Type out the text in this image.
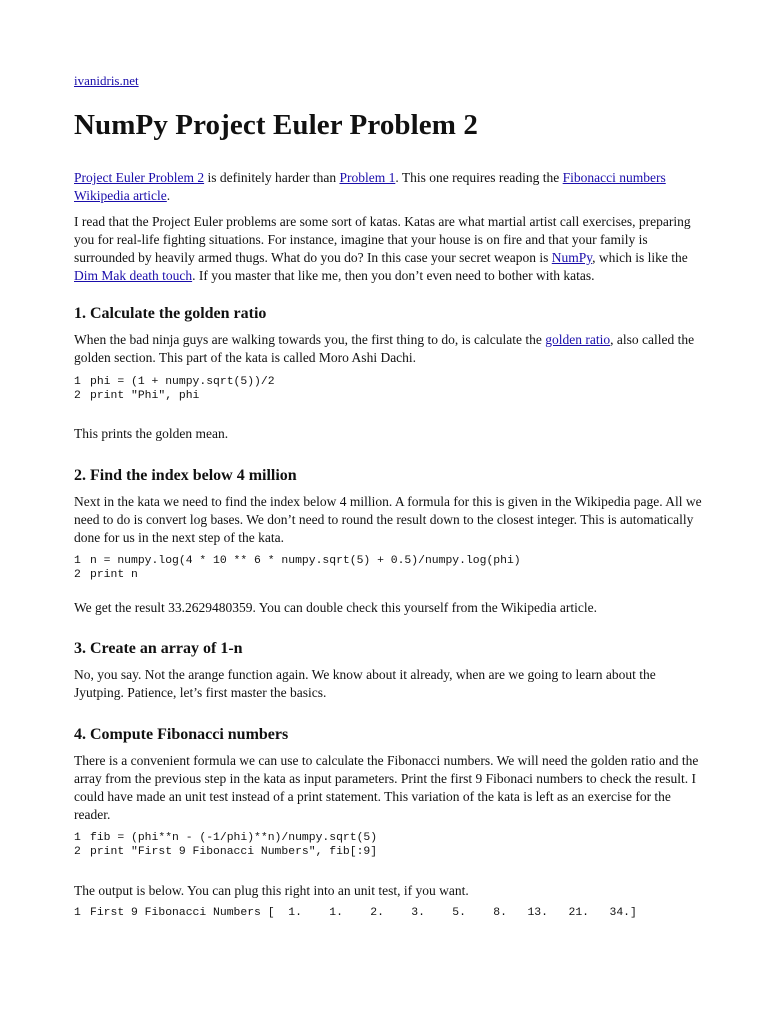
ivanidris.net
NumPy Project Euler Problem 2

Project Euler Problem 2 is definitely harder than Problem 1. This one requires reading the Fibonacci numbers Wikipedia article.

I read that the Project Euler problems are some sort of katas. Katas are what martial artist call exercises, preparing you for real-life fighting situations. For instance, imagine that your house is on fire and that your family is surrounded by heavily armed thugs. What do you do? In this case your secret weapon is NumPy, which is like the Dim Mak death touch. If you master that like me, then you don’t even need to bother with katas.

1. Calculate the golden ratio

When the bad ninja guys are walking towards you, the first thing to do, is calculate the golden ratio, also called the golden section. This part of the kata is called Moro Ashi Dachi.

1 phi = (1 + numpy.sqrt(5))/2
2 print "Phi", phi

This prints the golden mean.

2. Find the index below 4 million

Next in the kata we need to find the index below 4 million. A formula for this is given in the Wikipedia page. All we need to do is convert log bases. We don’t need to round the result down to the closest integer. This is automatically done for us in the next step of the kata.

1 n = numpy.log(4 * 10 ** 6 * numpy.sqrt(5) + 0.5)/numpy.log(phi)
2 print n

We get the result 33.2629480359. You can double check this yourself from the Wikipedia article.

3. Create an array of 1-n

No, you say. Not the arange function again. We know about it already, when are we going to learn about the Jyutping. Patience, let’s first master the basics.

4. Compute Fibonacci numbers

There is a convenient formula we can use to calculate the Fibonacci numbers. We will need the golden ratio and the array from the previous step in the kata as input parameters. Print the first 9 Fibonaci numbers to check the result. I could have made an unit test instead of a print statement. This variation of the kata is left as an exercise for the reader.

1 fib = (phi**n - (-1/phi)**n)/numpy.sqrt(5)
2 print "First 9 Fibonacci Numbers", fib[:9]

The output is below. You can plug this right into an unit test, if you want.

1 First 9 Fibonacci Numbers [  1.    1.    2.    3.    5.    8.   13.   21.   34.]
